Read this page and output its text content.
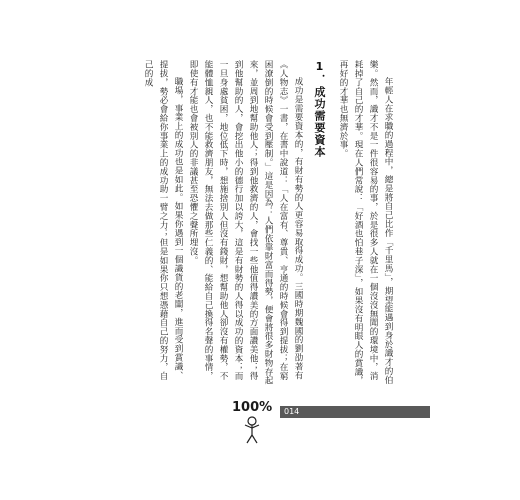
年輕人在求職的過程中，總是將自己比作「千里馬」，期望能遇到身於識才的伯樂。然而，識才不是一件很容易的事，於是很多人就在一個沒沒無聞的環境中，消耗掉了自己的才華。現在人們常說：「好酒也怕巷子深」，如果沒有明眼人的賞識，再好的才華也無濟於事。

1．成功需要資本

成功是需要資本的，有財有勢的人更容易取得成功。三國時期魏國的劉劭著有《人物志》一書，在書中說道：「人在富有、尊貴、亨通的時候會得到提拔；在窮困潦倒的時候會受到壓制。」這是因為：人們依靠財富而得勢，便會將很多財物存起來，並周到地幫助他人；得到他救濟的人，會找一些他值得讚美的方面讚美他；得到他幫助的人，會挖出他小的德行加以誇大，這是有財勢的人得以成功的資本；而一旦身處貧困，地位低下時，想施捨別人但沒有錢財，想幫助他人卻沒有權勢，不能體恤親人，也不能救濟朋友，無法去做那些仁義的、能給自己換得名聲的事情，即使有才能也會被別人的非議甚至恐懼之聲所埋沒。

職場，事業上的成功也是如此。如果你遇到一個識貨的老闆，進而受到賞識、提拔，勢必會給你事業上的成功助一臂之力；但是如果你只想憑藉自己的努力，自己的成

100% 014
